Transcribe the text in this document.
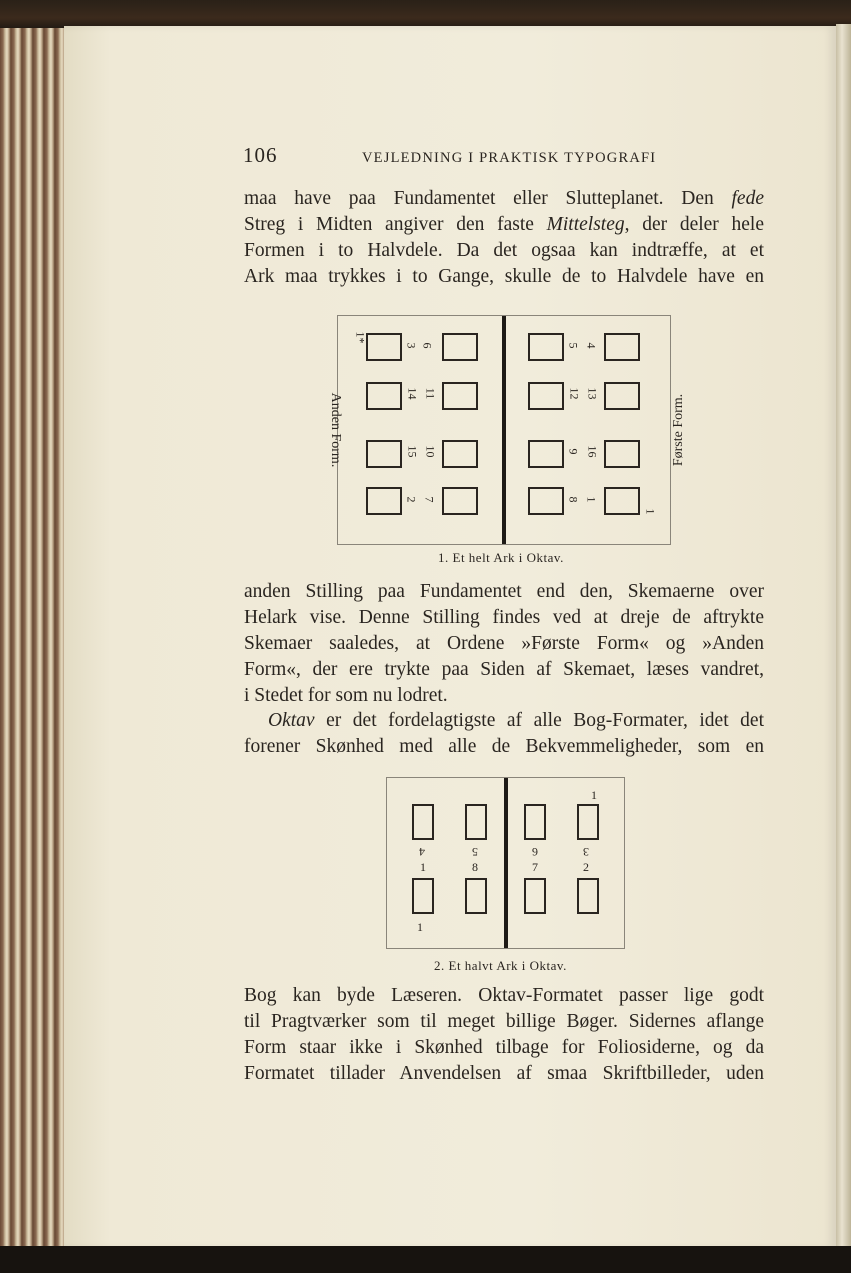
106	VEJLEDNING I PRAKTISK TYPOGRAFI
maa have paa Fundamentet eller Slutteplanet. Den fede
Streg i Midten angiver den faste Mittelsteg, der deler hele
Formen i to Halvdele. Da det ogsaa kan indtræffe, at et
Ark maa trykkes i to Gange, skulle de to Halvdele have en
Anden Form.	Første Form.
1*
1
3 6
14 11
15 10
2 7
5 4
12 13
9 16
8 1
1. Et helt Ark i Oktav.
anden Stilling paa Fundamentet end den, Skemaerne over
Helark vise. Denne Stilling findes ved at dreje de aftrykte
Skemaer saaledes, at Ordene »Første Form« og »Anden
Form«, der ere trykte paa Siden af Skemaet, læses vandret,
i Stedet for som nu lodret.
Oktav er det fordelagtigste af alle Bog-Formater, idet det
forener Skønhed med alle de Bekvemmeligheder, som en
1
1
4	5	6	3
1	8	7	2
2. Et halvt Ark i Oktav.
Bog kan byde Læseren. Oktav-Formatet passer lige godt
til Pragtværker som til meget billige Bøger. Sidernes aflange
Form staar ikke i Skønhed tilbage for Foliosiderne, og da
Formatet tillader Anvendelsen af smaa Skriftbilleder, uden
